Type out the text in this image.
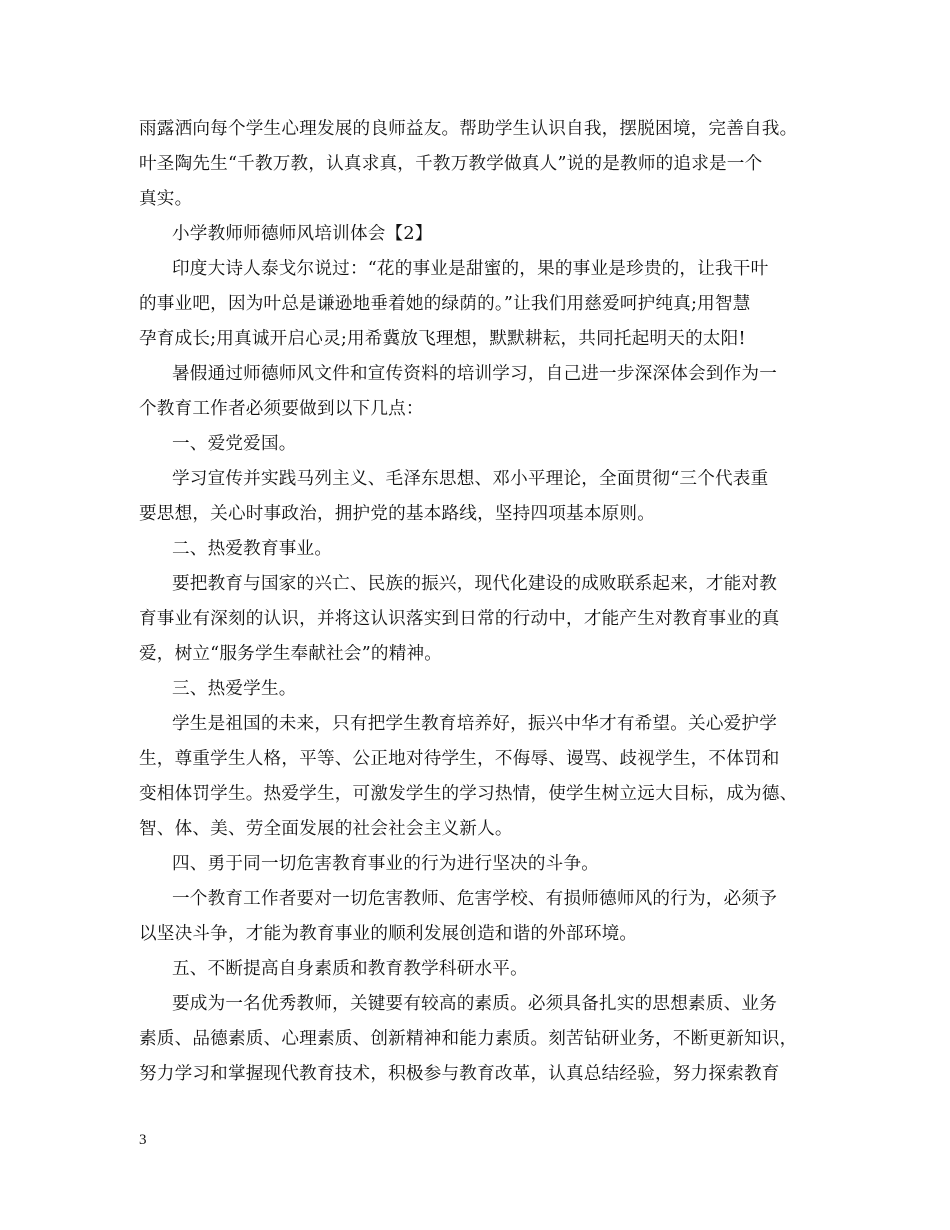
雨露洒向每个学生心理发展的良师益友。帮助学生认识自我，摆脱困境，完善自我。
叶圣陶先生“千教万教，认真求真，千教万教学做真人”说的是教师的追求是一个
真实。
小学教师师德师风培训体会【2】
印度大诗人泰戈尔说过：“花的事业是甜蜜的，果的事业是珍贵的，让我干叶
的事业吧，因为叶总是谦逊地垂着她的绿荫的。”让我们用慈爱呵护纯真;用智慧
孕育成长;用真诚开启心灵;用希冀放飞理想，默默耕耘，共同托起明天的太阳!
暑假通过师德师风文件和宣传资料的培训学习，自己进一步深深体会到作为一
个教育工作者必须要做到以下几点：
一、爱党爱国。
学习宣传并实践马列主义、毛泽东思想、邓小平理论，全面贯彻“三个代表重
要思想，关心时事政治，拥护党的基本路线，坚持四项基本原则。
二、热爱教育事业。
要把教育与国家的兴亡、民族的振兴，现代化建设的成败联系起来，才能对教
育事业有深刻的认识，并将这认识落实到日常的行动中，才能产生对教育事业的真
爱，树立“服务学生奉献社会”的精神。
三、热爱学生。
学生是祖国的未来，只有把学生教育培养好，振兴中华才有希望。关心爱护学
生，尊重学生人格，平等、公正地对待学生，不侮辱、谩骂、歧视学生，不体罚和
变相体罚学生。热爱学生，可激发学生的学习热情，使学生树立远大目标，成为德、
智、体、美、劳全面发展的社会社会主义新人。
四、勇于同一切危害教育事业的行为进行坚决的斗争。
一个教育工作者要对一切危害教师、危害学校、有损师德师风的行为，必须予
以坚决斗争，才能为教育事业的顺利发展创造和谐的外部环境。
五、不断提高自身素质和教育教学科研水平。
要成为一名优秀教师，关键要有较高的素质。必须具备扎实的思想素质、业务
素质、品德素质、心理素质、创新精神和能力素质。刻苦钻研业务，不断更新知识，
努力学习和掌握现代教育技术，积极参与教育改革，认真总结经验，努力探索教育
3
